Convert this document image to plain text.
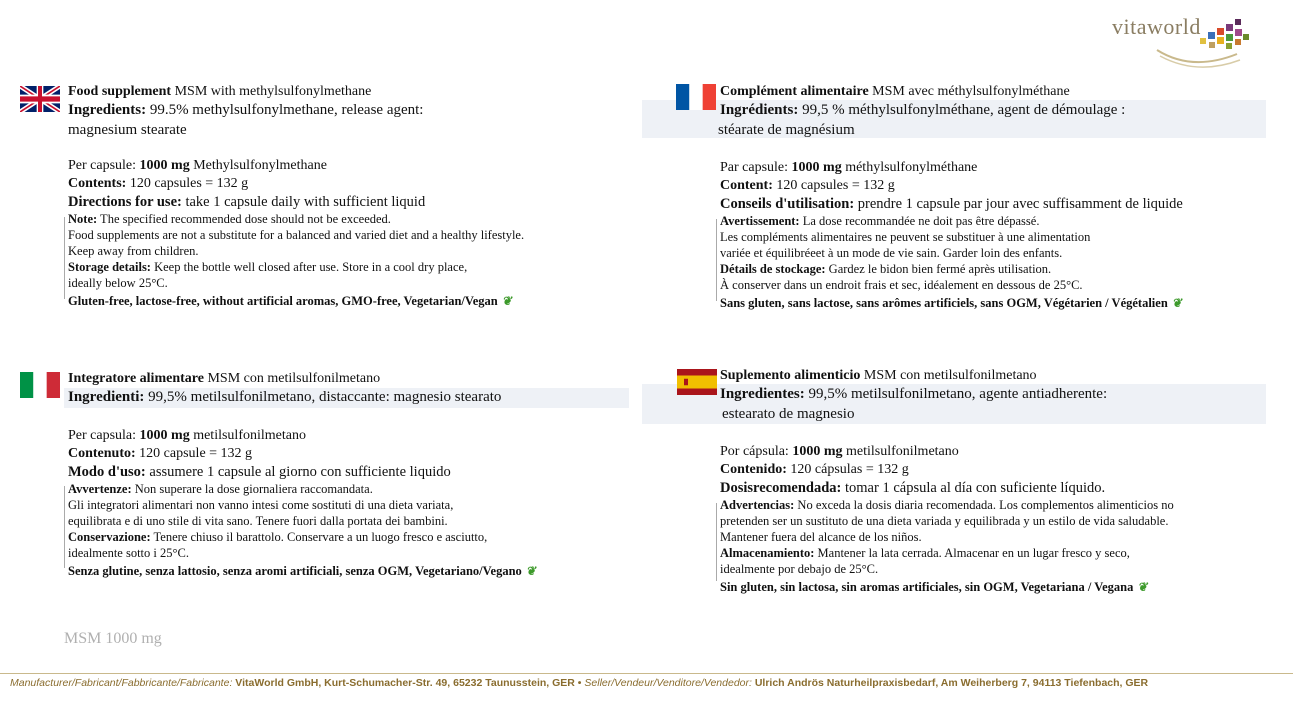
vitaworld
Food supplement MSM with methylsulfonylmethane
Ingredients: 99.5% methylsulfonylmethane, release agent:
magnesium stearate
Per capsule: 1000 mg Methylsulfonylmethane
Contents: 120 capsules = 132 g
Directions for use: take 1 capsule daily with sufficient liquid
Note: The specified recommended dose should not be exceeded.
Food supplements are not a substitute for a balanced and varied diet and a healthy lifestyle.
Keep away from children.
Storage details: Keep the bottle well closed after use. Store in a cool dry place,
ideally below 25°C.
Gluten-free, lactose-free, without artificial aromas, GMO-free, Vegetarian/Vegan ❦
Complément alimentaire MSM avec méthylsulfonylméthane
Ingrédients: 99,5 % méthylsulfonylméthane, agent de démoulage :
stéarate de magnésium
Par capsule: 1000 mg méthylsulfonylméthane
Content: 120 capsules = 132 g
Conseils d'utilisation: prendre 1 capsule par jour avec suffisamment de liquide
Avertissement: La dose recommandée ne doit pas être dépassé.
Les compléments alimentaires ne peuvent se substituer à une alimentation
variée et équilibréeet à un mode de vie sain. Garder loin des enfants.
Détails de stockage: Gardez le bidon bien fermé après utilisation.
À conserver dans un endroit frais et sec, idéalement en dessous de 25°C.
Sans gluten, sans lactose, sans arômes artificiels, sans OGM, Végétarien / Végétalien ❦
Integratore alimentare MSM con metilsulfonilmetano
Ingredienti: 99,5% metilsulfonilmetano, distaccante: magnesio stearato
Per capsula: 1000 mg metilsulfonilmetano
Contenuto: 120 capsule = 132 g
Modo d'uso: assumere 1 capsule al giorno con sufficiente liquido
Avvertenze: Non superare la dose giornaliera raccomandata.
Gli integratori alimentari non vanno intesi come sostituti di una dieta variata,
equilibrata e di uno stile di vita sano. Tenere fuori dalla portata dei bambini.
Conservazione: Tenere chiuso il barattolo. Conservare a un luogo fresco e asciutto,
idealmente sotto i 25°C.
Senza glutine, senza lattosio, senza aromi artificiali, senza OGM, Vegetariano/Vegano ❦
Suplemento alimenticio MSM con metilsulfonilmetano
Ingredientes: 99,5% metilsulfonilmetano, agente antiadherente:
estearato de magnesio
Por cápsula: 1000 mg metilsulfonilmetano
Contenido: 120 cápsulas = 132 g
Dosisrecomendada: tomar 1 cápsula al día con suficiente líquido.
Advertencias: No exceda la dosis diaria recomendada. Los complementos alimenticios no
pretenden ser un sustituto de una dieta variada y equilibrada y un estilo de vida saludable.
Mantener fuera del alcance de los niños.
Almacenamiento: Mantener la lata cerrada. Almacenar en un lugar fresco y seco,
idealmente por debajo de 25°C.
Sin gluten, sin lactosa, sin aromas artificiales, sin OGM, Vegetariana / Vegana ❦
MSM 1000 mg
Manufacturer/Fabricant/Fabbricante/Fabricante: VitaWorld GmbH, Kurt-Schumacher-Str. 49, 65232 Taunusstein, GER • Seller/Vendeur/Venditore/Vendedor: Ulrich Andrös Naturheilpraxisbedarf, Am Weiherberg 7, 94113 Tiefenbach, GER
